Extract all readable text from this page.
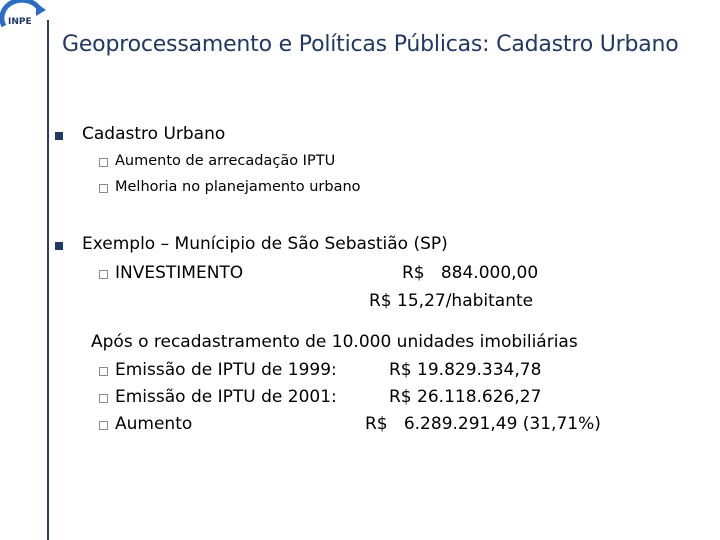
INPE
Geoprocessamento e Políticas Públicas: Cadastro Urbano
Cadastro Urbano
Aumento de arrecadação IPTU
Melhoria no planejamento urbano
Exemplo – Munícipio de São Sebastião (SP)
INVESTIMENTO	R$   884.000,00
R$ 15,27/habitante
Após o recadastramento de 10.000 unidades imobiliárias
Emissão de IPTU de 1999:	R$ 19.829.334,78
Emissão de IPTU de 2001:	R$ 26.118.626,27
Aumento	R$   6.289.291,49 (31,71%)
